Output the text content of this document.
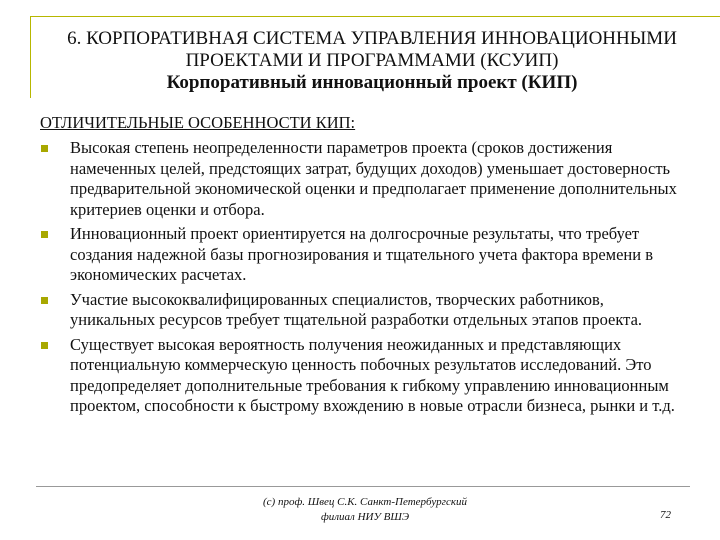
6. КОРПОРАТИВНАЯ СИСТЕМА УПРАВЛЕНИЯ ИННОВАЦИОННЫМИ
ПРОЕКТАМИ И ПРОГРАММАМИ (КСУИП)
Корпоративный инновационный проект (КИП)
ОТЛИЧИТЕЛЬНЫЕ ОСОБЕННОСТИ КИП:
Высокая степень неопределенности параметров проекта (сроков достижения намеченных целей, предстоящих затрат, будущих доходов) уменьшает достоверность предварительной экономической оценки и предполагает применение дополнительных критериев оценки и отбора.
Инновационный проект ориентируется на долгосрочные результаты, что требует создания надежной базы прогнозирования и тщательного учета фактора времени в экономических расчетах.
Участие высококвалифицированных специалистов, творческих работников, уникальных ресурсов требует тщательной разработки отдельных этапов проекта.
Существует высокая вероятность получения неожиданных и представляющих потенциальную коммерческую ценность побочных результатов исследований. Это предопределяет дополнительные требования к гибкому управлению инновационным проектом, способности к быстрому вхождению в новые отрасли бизнеса, рынки и т.д.
(с) проф. Швец С.К. Санкт-Петербургский
филиал НИУ ВШЭ	72
